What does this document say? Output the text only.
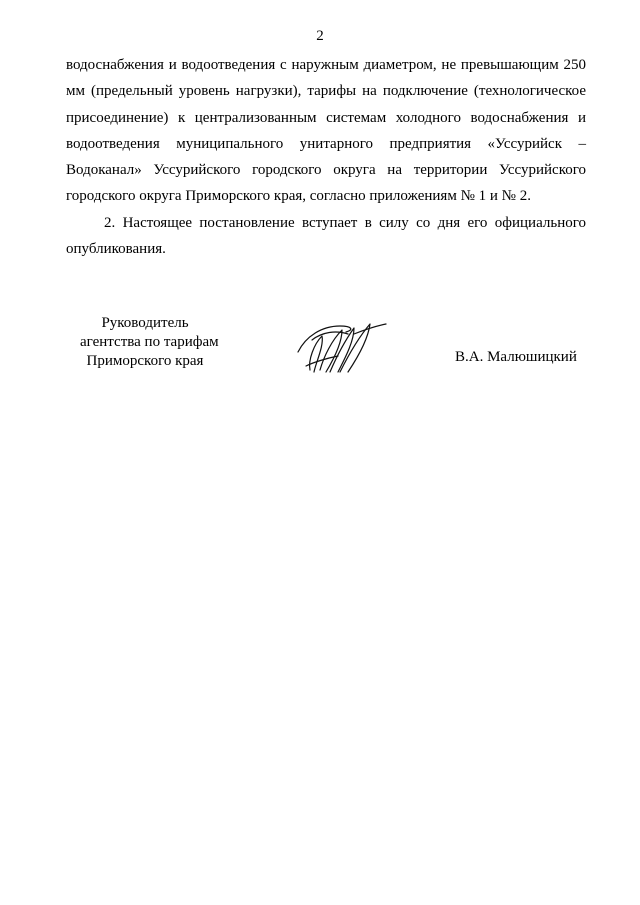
2

водоснабжения и водоотведения с наружным диаметром, не превышающим 250 мм (предельный уровень нагрузки), тарифы на подключение (технологическое присоединение) к централизованным системам холодного водоснабжения и водоотведения муниципального унитарного предприятия «Уссурийск – Водоканал» Уссурийского городского округа на территории Уссурийского городского округа Приморского края, согласно приложениям № 1 и № 2.

2. Настоящее постановление вступает в силу со дня его официального опубликования.

Руководитель
агентства по тарифам
Приморского края	В.А. Малюшицкий
